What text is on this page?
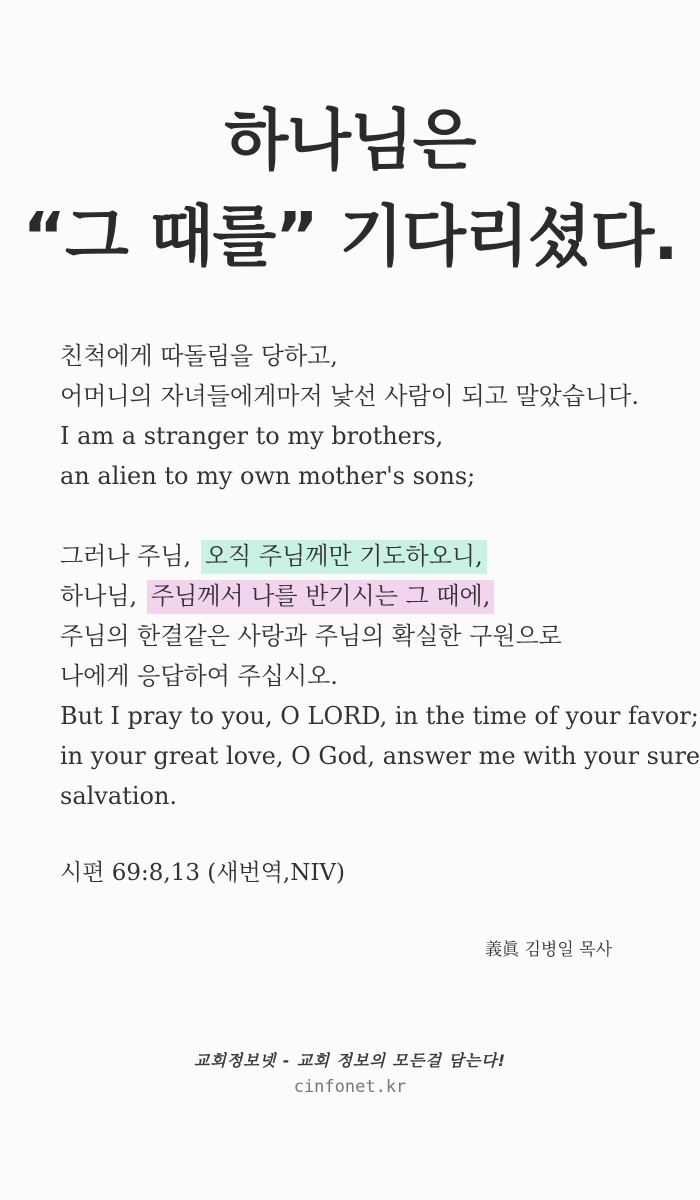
하나님은
“그 때를” 기다리셨다.
친척에게 따돌림을 당하고,
어머니의 자녀들에게마저 낯선 사람이 되고 말았습니다.
I am a stranger to my brothers,
an alien to my own mother's sons;
그러나 주님, 오직 주님께만 기도하오니,
하나님, 주님께서 나를 반기시는 그 때에,
주님의 한결같은 사랑과 주님의 확실한 구원으로
나에게 응답하여 주십시오.
But I pray to you, O LORD, in the time of your favor;
in your great love, O God, answer me with your sure
salvation.
시편 69:8,13 (새번역,NIV)
義眞 김병일 목사
교회정보넷 - 교회 정보의 모든걸 담는다!
cinfonet.kr
